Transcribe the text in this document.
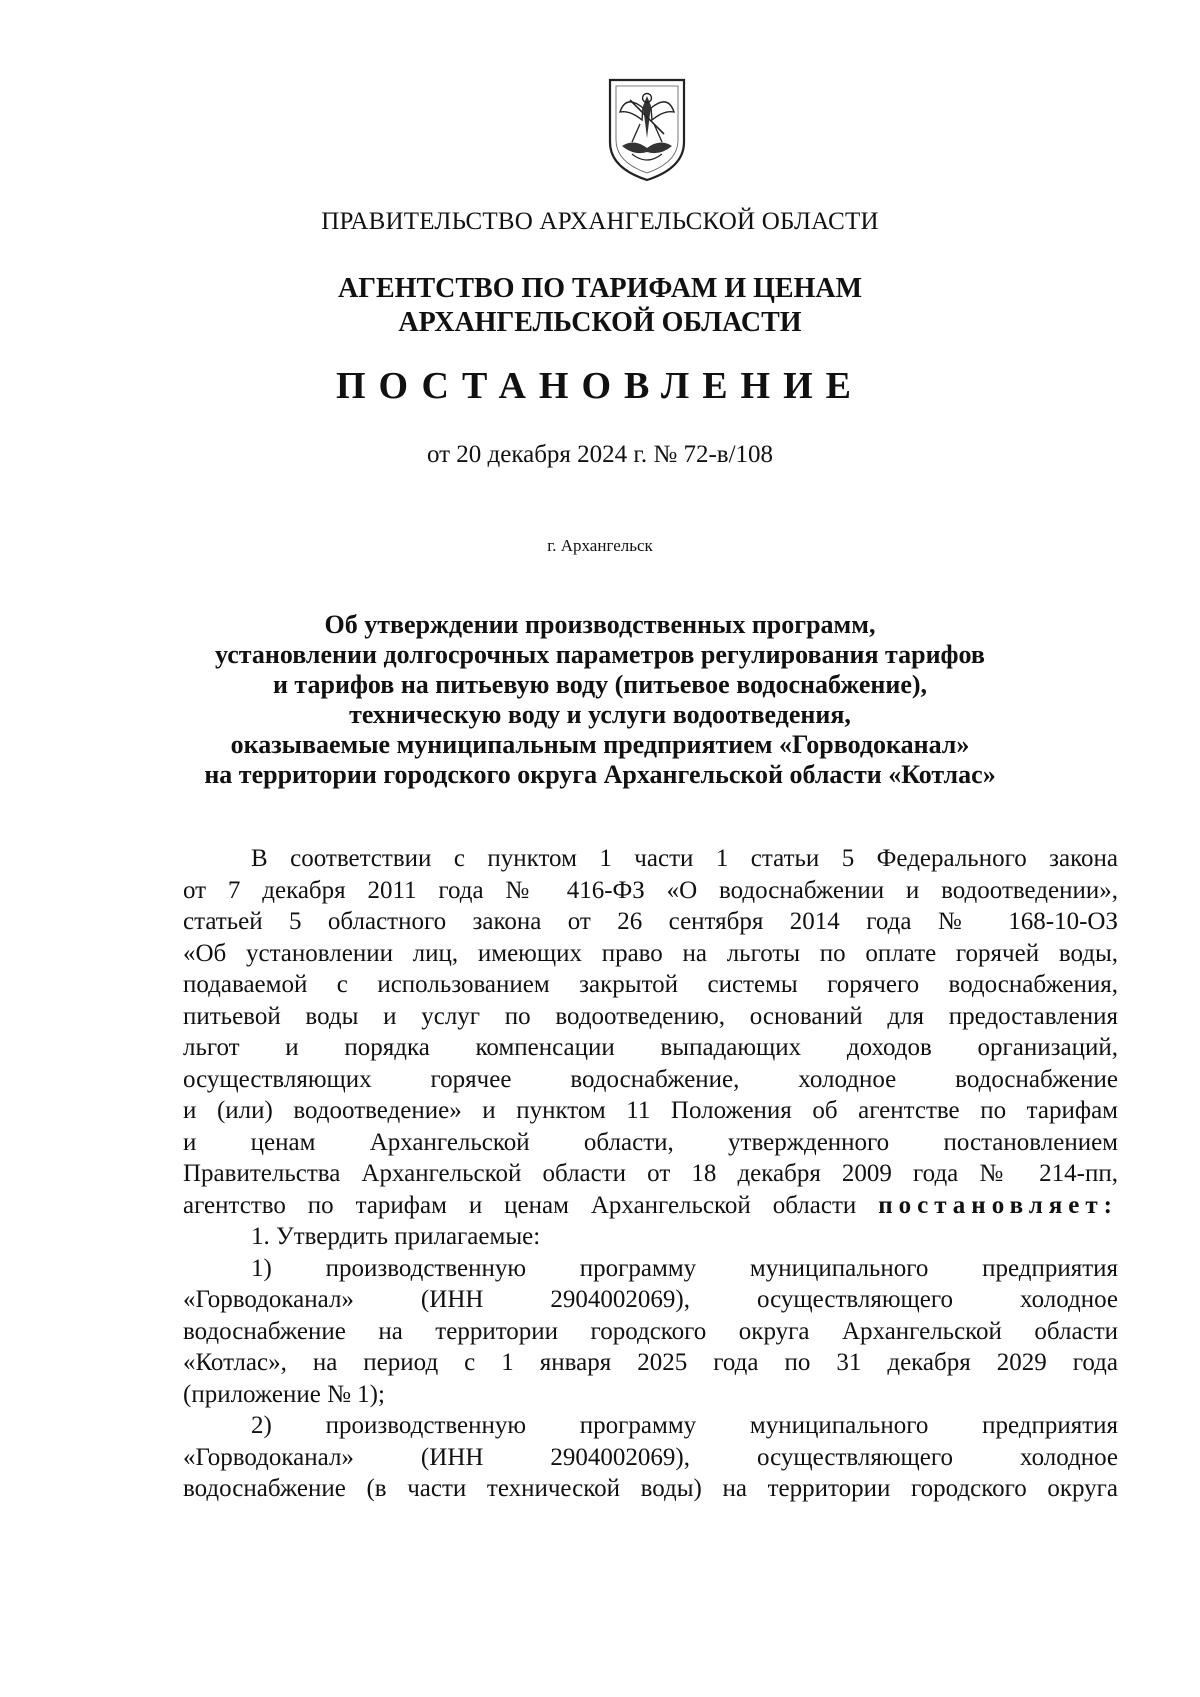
ПРАВИТЕЛЬСТВО АРХАНГЕЛЬСКОЙ ОБЛАСТИ
АГЕНТСТВО ПО ТАРИФАМ И ЦЕНАМ
АРХАНГЕЛЬСКОЙ ОБЛАСТИ
ПОСТАНОВЛЕНИЕ
от 20 декабря 2024 г. № 72-в/108
г. Архангельск
Об утверждении производственных программ,
установлении долгосрочных параметров регулирования тарифов
и тарифов на питьевую воду (питьевое водоснабжение),
техническую воду и услуги водоотведения,
оказываемые муниципальным предприятием «Горводоканал»
на территории городского округа Архангельской области «Котлас»
В соответствии с пунктом 1 части 1 статьи 5 Федерального закона
от 7 декабря 2011 года № 416-ФЗ «О водоснабжении и водоотведении»,
статьей 5 областного закона от 26 сентября 2014 года № 168-10-ОЗ
«Об установлении лиц, имеющих право на льготы по оплате горячей воды,
подаваемой с использованием закрытой системы горячего водоснабжения,
питьевой воды и услуг по водоотведению, оснований для предоставления
льгот и порядка компенсации выпадающих доходов организаций,
осуществляющих горячее водоснабжение, холодное водоснабжение
и (или) водоотведение» и пунктом 11 Положения об агентстве по тарифам
и ценам Архангельской области, утвержденного постановлением
Правительства Архангельской области от 18 декабря 2009 года № 214-пп,
агентство по тарифам и ценам Архангельской области постановляет:
1. Утвердить прилагаемые:
1) производственную программу муниципального предприятия
«Горводоканал» (ИНН 2904002069), осуществляющего холодное
водоснабжение на территории городского округа Архангельской области
«Котлас», на период с 1 января 2025 года по 31 декабря 2029 года
(приложение № 1);
2) производственную программу муниципального предприятия
«Горводоканал» (ИНН 2904002069), осуществляющего холодное
водоснабжение (в части технической воды) на территории городского округа
